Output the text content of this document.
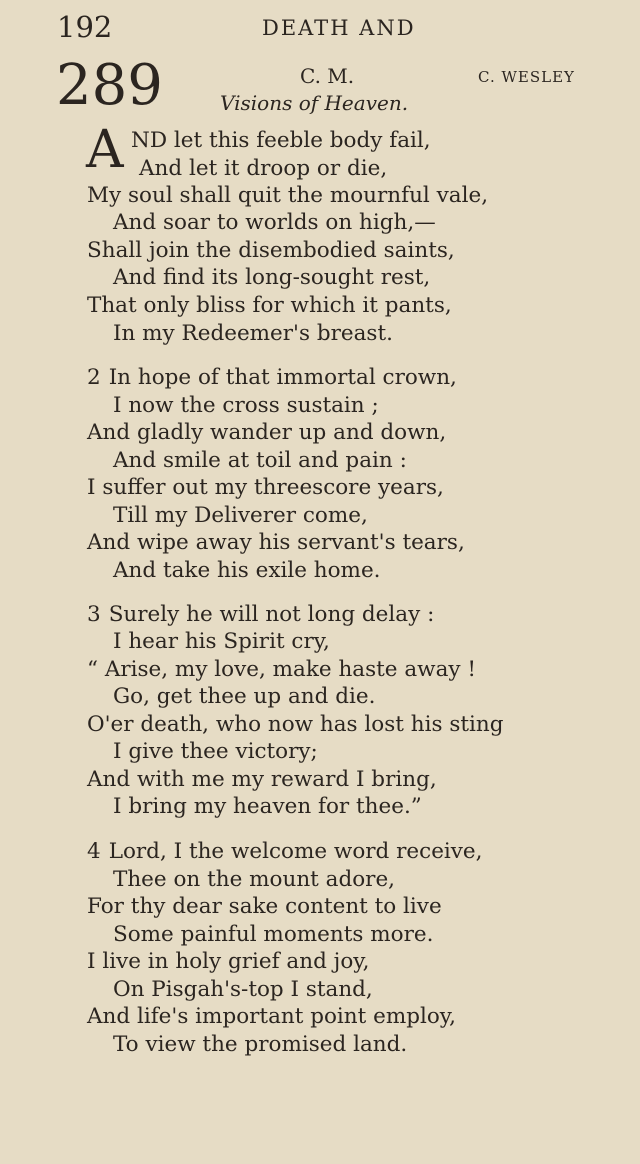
192	DEATH AND
289	C. M.	C. WESLEY
Visions of Heaven.
A ND let this feeble body fail,
And let it droop or die,
My soul shall quit the mournful vale,
And soar to worlds on high,—
Shall join the disembodied saints,
And find its long-sought rest,
That only bliss for which it pants,
In my Redeemer's breast.
2 In hope of that immortal crown,
I now the cross sustain ;
And gladly wander up and down,
And smile at toil and pain :
I suffer out my threescore years,
Till my Deliverer come,
And wipe away his servant's tears,
And take his exile home.
3 Surely he will not long delay :
I hear his Spirit cry,
“ Arise, my love, make haste away !
Go, get thee up and die.
O'er death, who now has lost his sting
I give thee victory;
And with me my reward I bring,
I bring my heaven for thee.”
4 Lord, I the welcome word receive,
Thee on the mount adore,
For thy dear sake content to live
Some painful moments more.
I live in holy grief and joy,
On Pisgah's-top I stand,
And life's important point employ,
To view the promised land.
